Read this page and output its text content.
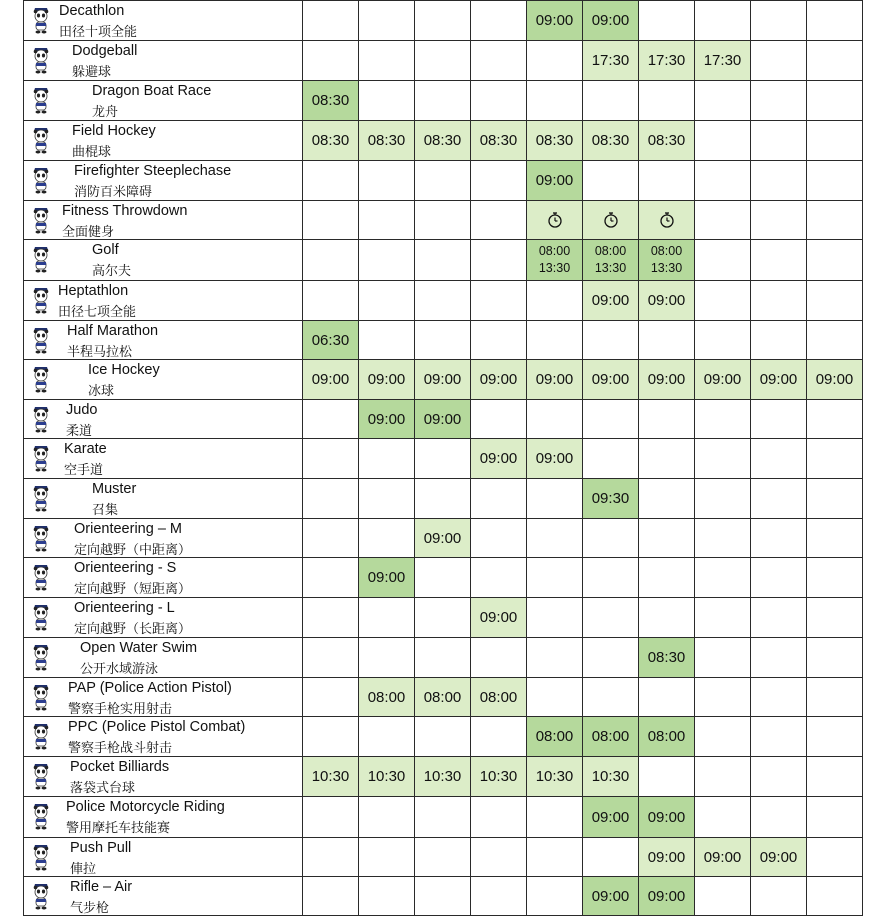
Decathlon
田径十项全能					09:00	09:00				

Dodgeball
躲避球						17:30	17:30	17:30		

Dragon Boat Race
龙舟	08:30									

Field Hockey
曲棍球	08:30	08:30	08:30	08:30	08:30	08:30	08:30			

Firefighter Steeplechase
消防百米障碍					09:00					

Fitness Throwdown
全面健身

Golf
高尔夫					08:00
13:30	08:00
13:30	08:00
13:30			

Heptathlon
田径七项全能						09:00	09:00			

Half Marathon
半程马拉松	06:30									

Ice Hockey
冰球	09:00	09:00	09:00	09:00	09:00	09:00	09:00	09:00	09:00	09:00

Judo
柔道		09:00	09:00							

Karate
空手道				09:00	09:00					

Muster
召集						09:30				

Orienteering – M
定向越野（中距离）			09:00							

Orienteering - S
定向越野（短距离）		09:00								

Orienteering - L
定向越野（长距离）				09:00						

Open Water Swim
公开水域游泳							08:30			

PAP (Police Action Pistol)
警察手枪实用射击		08:00	08:00	08:00						

PPC (Police Pistol Combat)
警察手枪战斗射击					08:00	08:00	08:00			

Pocket Billiards
落袋式台球	10:30	10:30	10:30	10:30	10:30	10:30				

Police Motorcycle Riding
警用摩托车技能赛						09:00	09:00			

Push Pull
俥拉							09:00	09:00	09:00	

Rifle – Air
气步枪						09:00	09:00			
